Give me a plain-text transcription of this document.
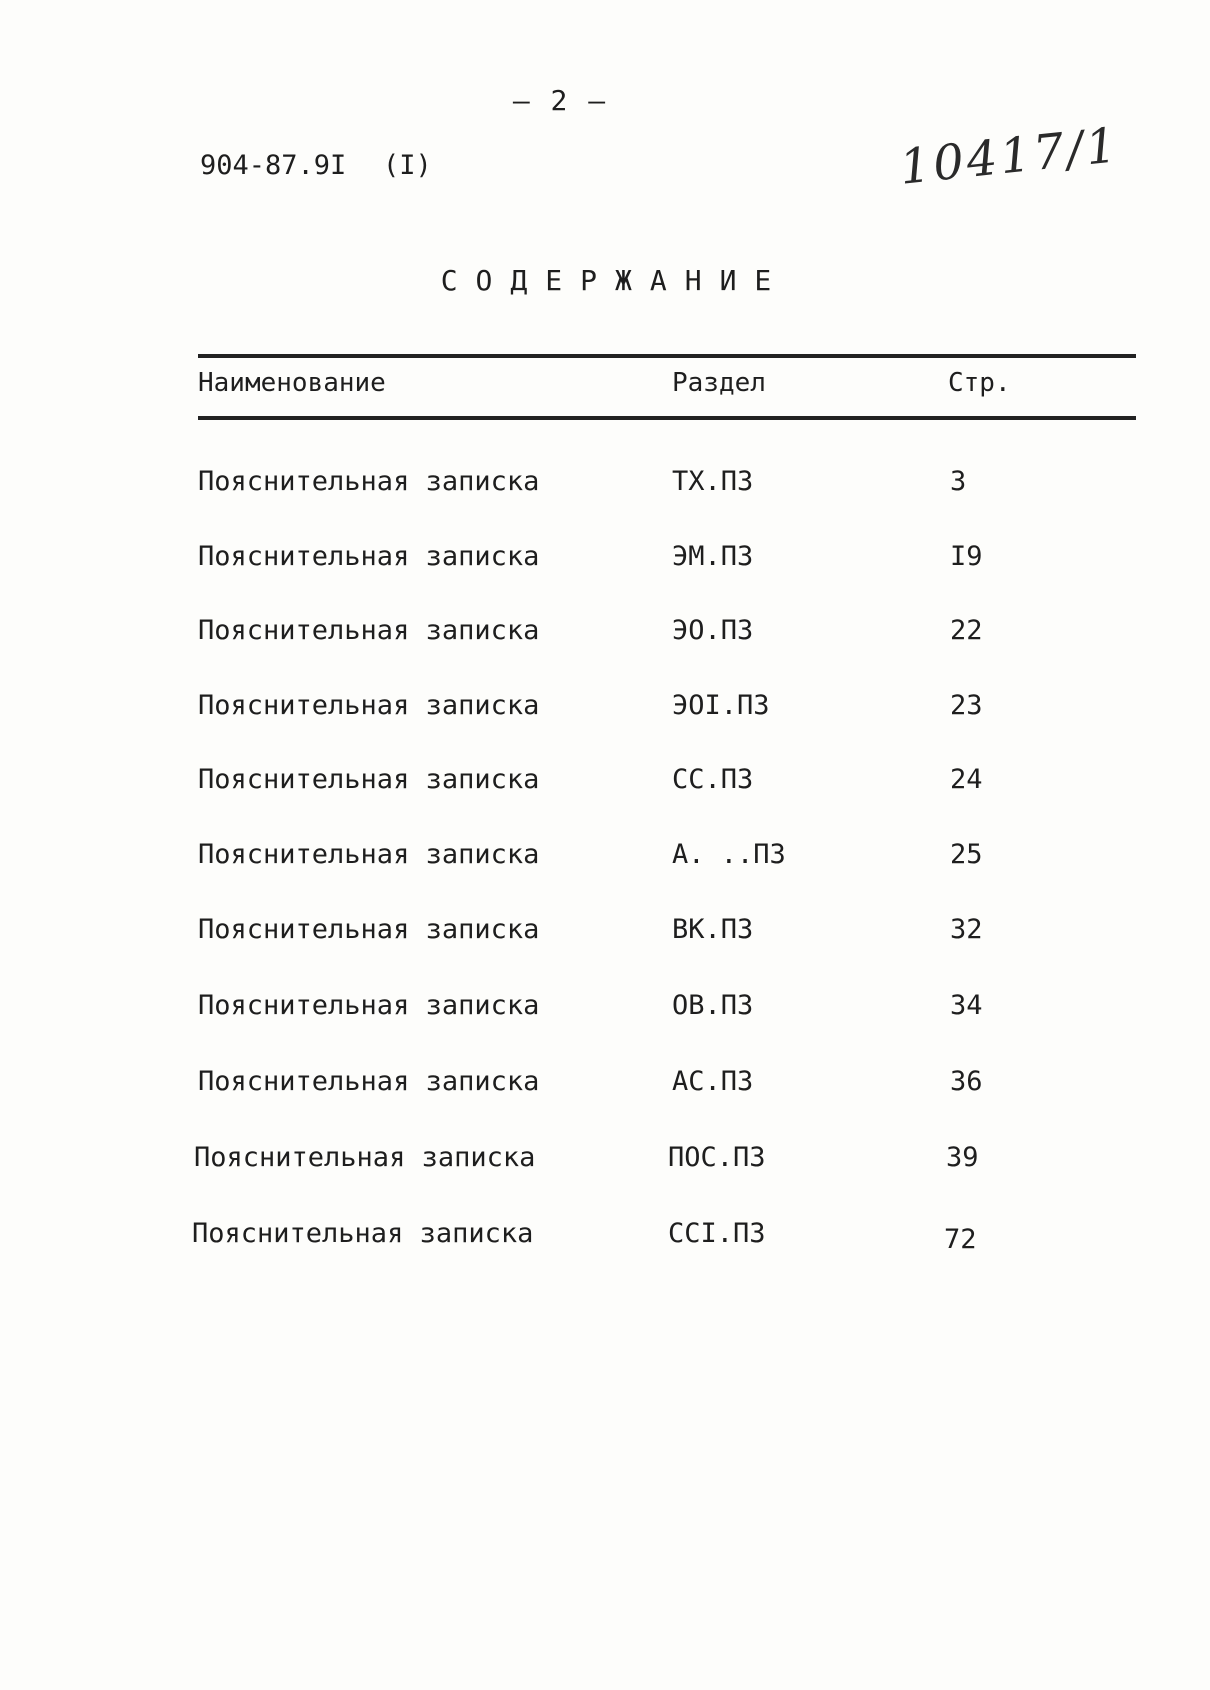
– 2 –
904-87.9I (I)	10417/1
СОДЕРЖАНИЕ
Наименование	Раздел	Стр.
Пояснительная записка	ТХ.ПЗ	3
Пояснительная записка	ЭМ.ПЗ	I9
Пояснительная записка	ЭО.ПЗ	22
Пояснительная записка	ЭОI.ПЗ	23
Пояснительная записка	СС.ПЗ	24
Пояснительная записка	А. ..ПЗ	25
Пояснительная записка	ВК.ПЗ	32
Пояснительная записка	ОВ.ПЗ	34
Пояснительная записка	АС.ПЗ	36
Пояснительная записка	ПОС.ПЗ	39
Пояснительная записка	ССI.ПЗ	72
